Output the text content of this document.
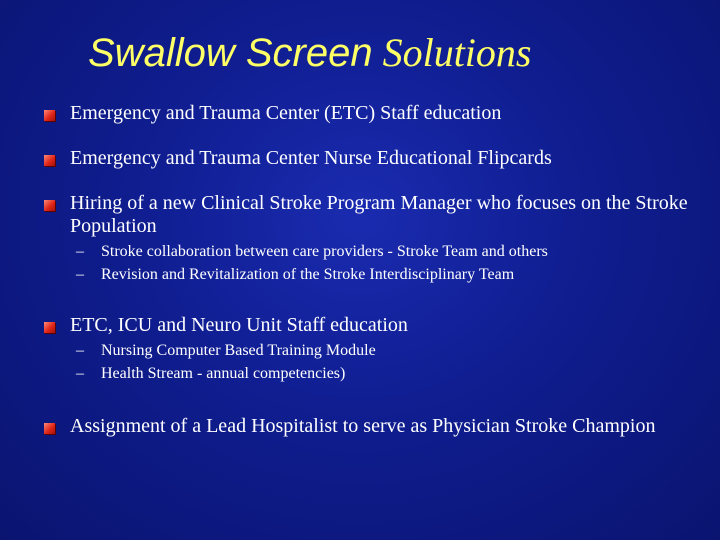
Swallow Screen Solutions
Emergency and Trauma Center (ETC) Staff education
Emergency and Trauma Center Nurse Educational Flipcards
Hiring of a new Clinical Stroke Program Manager who focuses on the Stroke Population
– Stroke collaboration between care providers - Stroke Team and others
– Revision and Revitalization of the Stroke Interdisciplinary Team
ETC, ICU and Neuro Unit Staff education
– Nursing Computer Based Training Module
– Health Stream - annual competencies)
Assignment of a Lead Hospitalist to serve as Physician Stroke Champion
